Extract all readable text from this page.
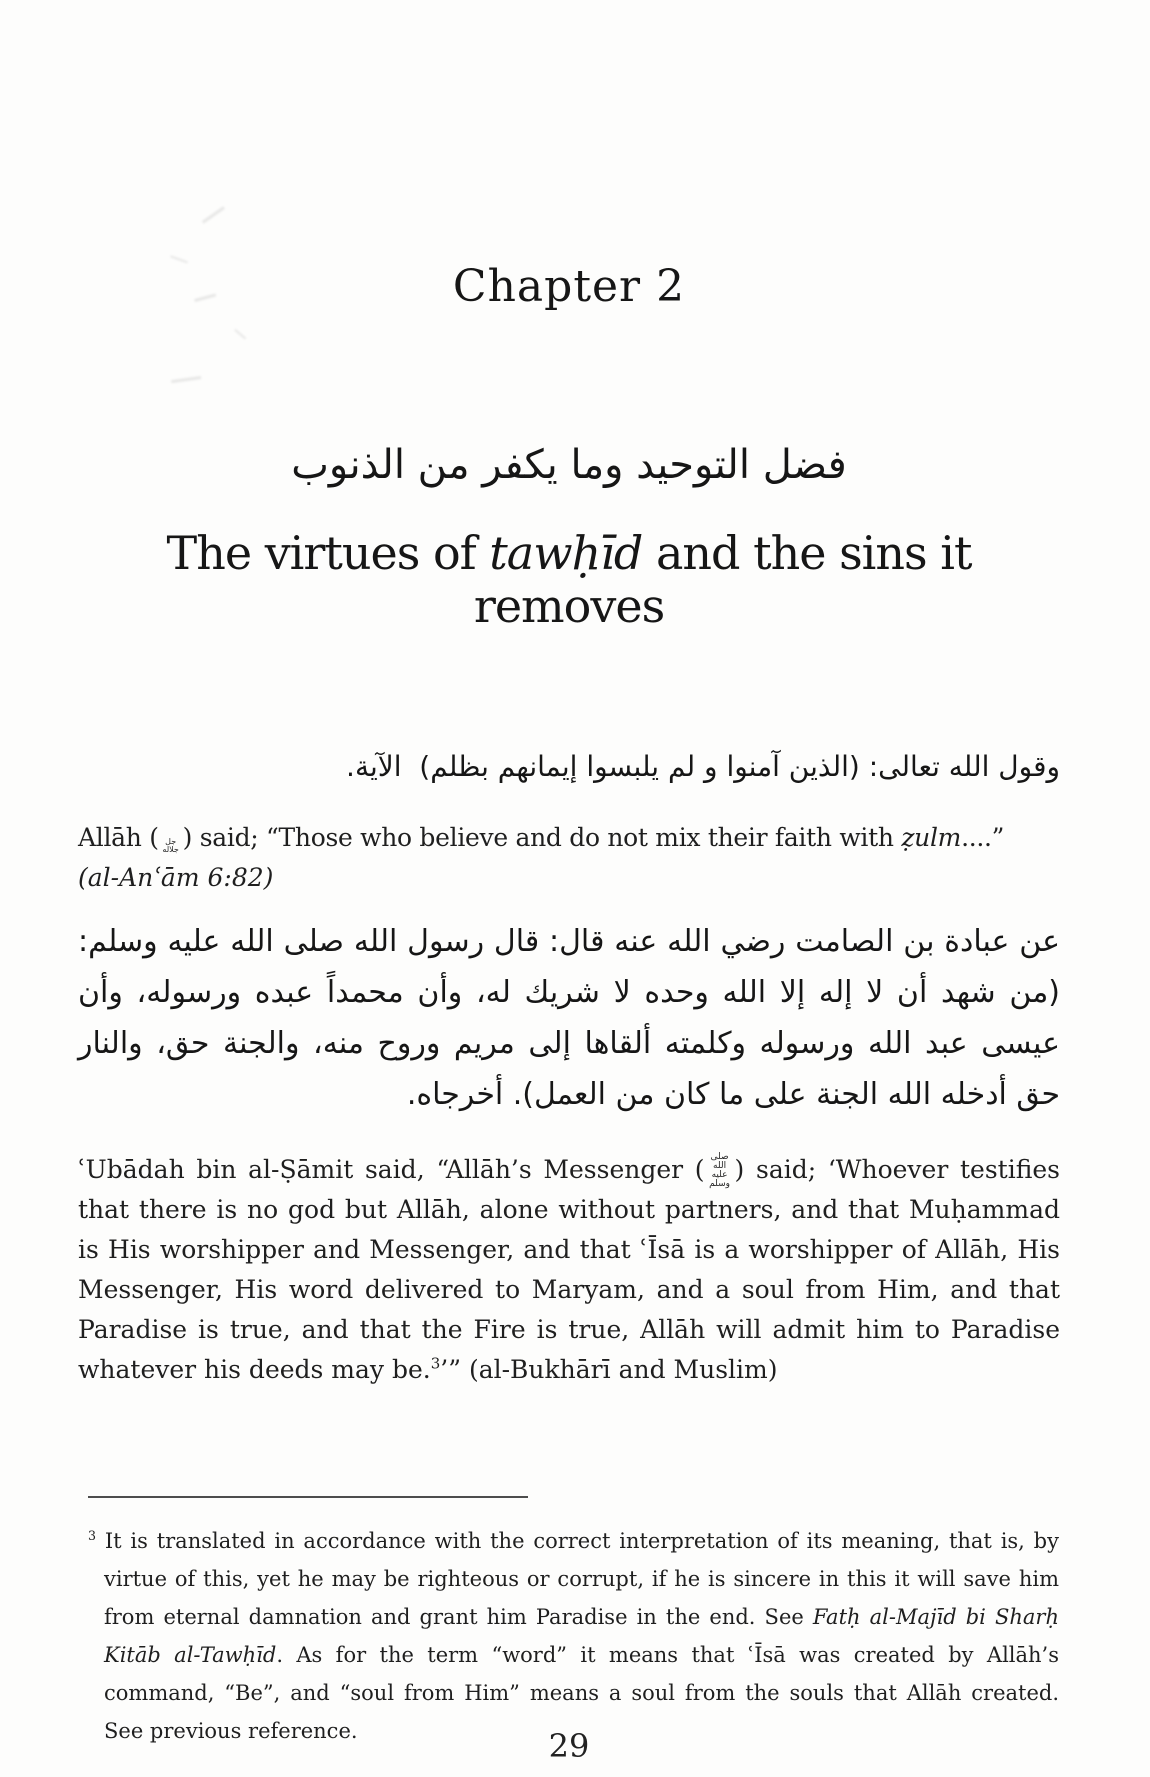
Chapter 2
فضل التوحيد وما يكفر من الذنوب
The virtues of tawḥīd and the sins it removes

وقول الله تعالى: (الذين آمنوا و لم يلبسوا إيمانهم بظلم)  الآية.

Allāh ( جل جلاله ) said; “Those who believe and do not mix their faith with ẓulm....”
(al-Anʿām 6:82)

عن عبادة بن الصامت رضي الله عنه قال: قال رسول الله صلى الله عليه وسلم: (من شهد أن لا إله إلا الله وحده لا شريك له، وأن محمداً عبده ورسوله، وأن عيسى عبد الله ورسوله وكلمته ألقاها إلى مريم وروح منه، والجنة حق، والنار حق أدخله الله الجنة على ما كان من العمل). أخرجاه.

ʿUbādah bin al-Ṣāmit said, “Allāh’s Messenger ( صلى الله عليه وسلم ) said; ‘Whoever testifies that there is no god but Allāh, alone without partners, and that Muḥammad is His worshipper and Messenger, and that ʿĪsā is a worshipper of Allāh, His Messenger, His word delivered to Maryam, and a soul from Him, and that Paradise is true, and that the Fire is true, Allāh will admit him to Paradise whatever his deeds may be.$^3$’” (al-Bukhārī and Muslim)

$^3$ It is translated in accordance with the correct interpretation of its meaning, that is, by virtue of this, yet he may be righteous or corrupt, if he is sincere in this it will save him from eternal damnation and grant him Paradise in the end. See Fatḥ al-Majīd bi Sharḥ Kitāb al-Tawḥīd. As for the term “word” it means that ʿĪsā was created by Allāh’s command, “Be”, and “soul from Him” means a soul from the souls that Allāh created. See previous reference.	29
